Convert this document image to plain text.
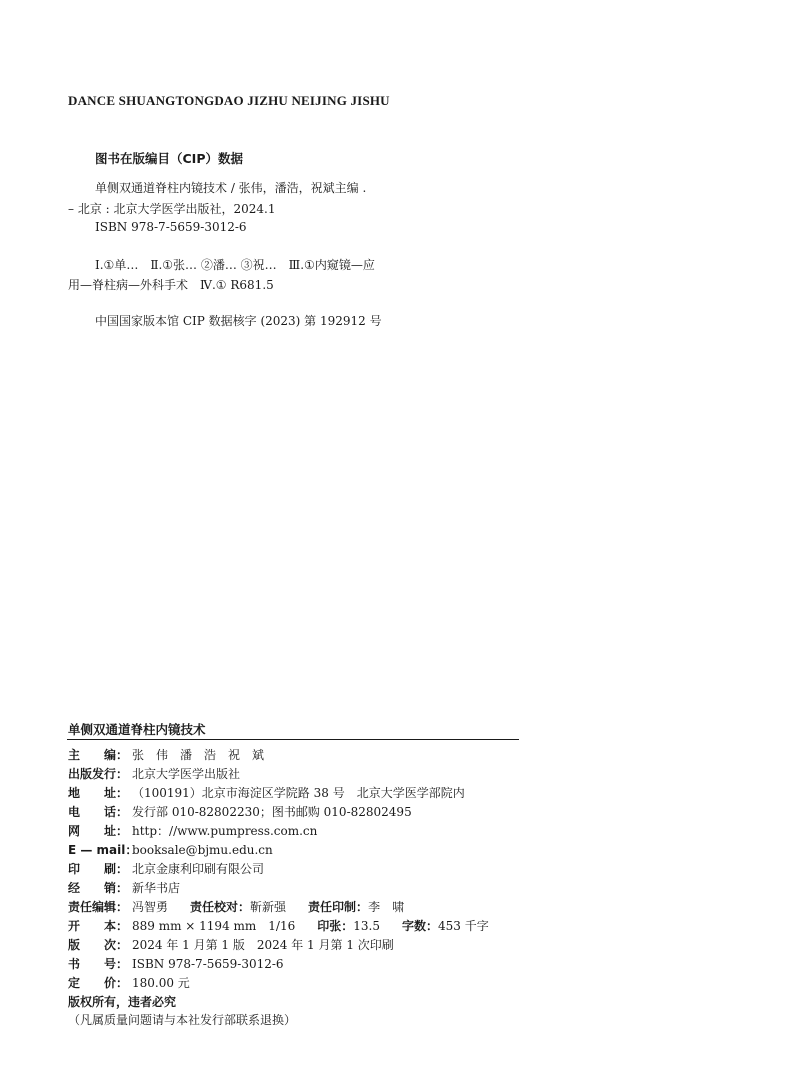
DANCE SHUANGTONGDAO JIZHU NEIJING JISHU
图书在版编目（CIP）数据
单侧双通道脊柱内镜技术 / 张伟，潘浩，祝斌主编 .
– 北京 : 北京大学医学出版社，2024.1
ISBN 978-7-5659-3012-6
Ⅰ.①单…　Ⅱ.①张… ②潘… ③祝…　Ⅲ.①内窥镜—应
用—脊柱病—外科手术　Ⅳ.① R681.5
中国国家版本馆 CIP 数据核字 (2023) 第 192912 号
单侧双通道脊柱内镜技术
主　　编： 张　伟　潘　浩　祝　斌
出版发行： 北京大学医学出版社
地　　址： （100191）北京市海淀区学院路 38 号　北京大学医学部院内
电　　话： 发行部 010-82802230；图书邮购 010-82802495
网　　址： http：//www.pumpress.com.cn
E — mail：booksale@bjmu.edu.cn
印　　刷： 北京金康利印刷有限公司
经　　销： 新华书店
责任编辑： 冯智勇 责任校对：靳新强 责任印制：李　啸
开　　本： 889 mm × 1194 mm　1/16 印张：13.5 字数：453 千字
版　　次： 2024 年 1 月第 1 版　2024 年 1 月第 1 次印刷
书　　号： ISBN 978-7-5659-3012-6
定　　价： 180.00 元
版权所有，违者必究
（凡属质量问题请与本社发行部联系退换）
